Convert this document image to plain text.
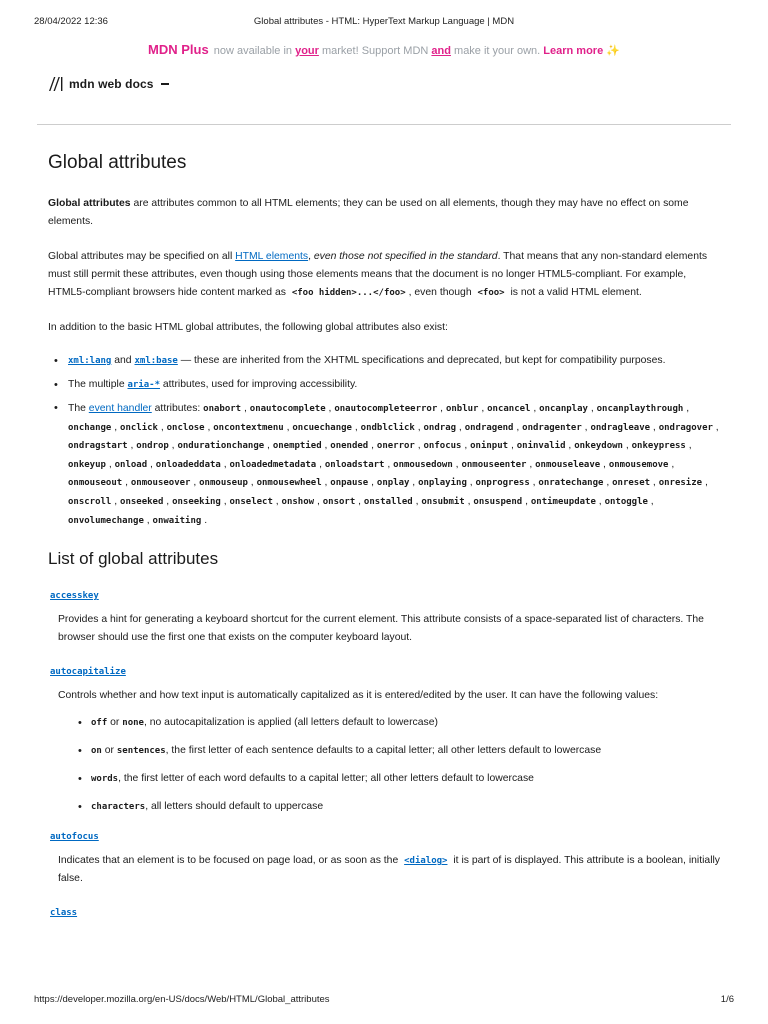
28/04/2022 12:36	Global attributes - HTML: HyperText Markup Language | MDN
MDN Plus now available in your market! Support MDN and make it your own. Learn more ✨
mdn web docs
Global attributes

Global attributes are attributes common to all HTML elements; they can be used on all elements, though they may have no effect on some elements.

Global attributes may be specified on all HTML elements, even those not specified in the standard. That means that any non-standard elements must still permit these attributes, even though using those elements means that the document is no longer HTML5-compliant. For example, HTML5-compliant browsers hide content marked as <foo hidden>...</foo> , even though <foo> is not a valid HTML element.

In addition to the basic HTML global attributes, the following global attributes also exist:

• xml:lang and xml:base — these are inherited from the XHTML specifications and deprecated, but kept for compatibility purposes.
• The multiple aria-* attributes, used for improving accessibility.
• The event handler attributes: onabort , onautocomplete , onautocompleteerror , onblur , oncancel , oncanplay , oncanplaythrough , onchange , onclick , onclose , oncontextmenu , oncuechange , ondblclick , ondrag , ondragend , ondragenter , ondragleave , ondragover , ondragstart , ondrop , ondurationchange , onemptied , onended , onerror , onfocus , oninput , oninvalid , onkeydown , onkeypress , onkeyup , onload , onloadeddata , onloadedmetadata , onloadstart , onmousedown , onmouseenter , onmouseleave , onmousemove , onmouseout , onmouseover , onmouseup , onmousewheel , onpause , onplay , onplaying , onprogress , onratechange , onreset , onresize , onscroll , onseeked , onseeking , onselect , onshow , onsort , onstalled , onsubmit , onsuspend , ontimeupdate , ontoggle , onvolumechange , onwaiting .
List of global attributes
accesskey
Provides a hint for generating a keyboard shortcut for the current element. This attribute consists of a space-separated list of characters. The browser should use the first one that exists on the computer keyboard layout.
autocapitalize
Controls whether and how text input is automatically capitalized as it is entered/edited by the user. It can have the following values:
• off or none, no autocapitalization is applied (all letters default to lowercase)
• on or sentences, the first letter of each sentence defaults to a capital letter; all other letters default to lowercase
• words, the first letter of each word defaults to a capital letter; all other letters default to lowercase
• characters, all letters should default to uppercase
autofocus
Indicates that an element is to be focused on page load, or as soon as the <dialog> it is part of is displayed. This attribute is a boolean, initially false.
class
https://developer.mozilla.org/en-US/docs/Web/HTML/Global_attributes	1/6
